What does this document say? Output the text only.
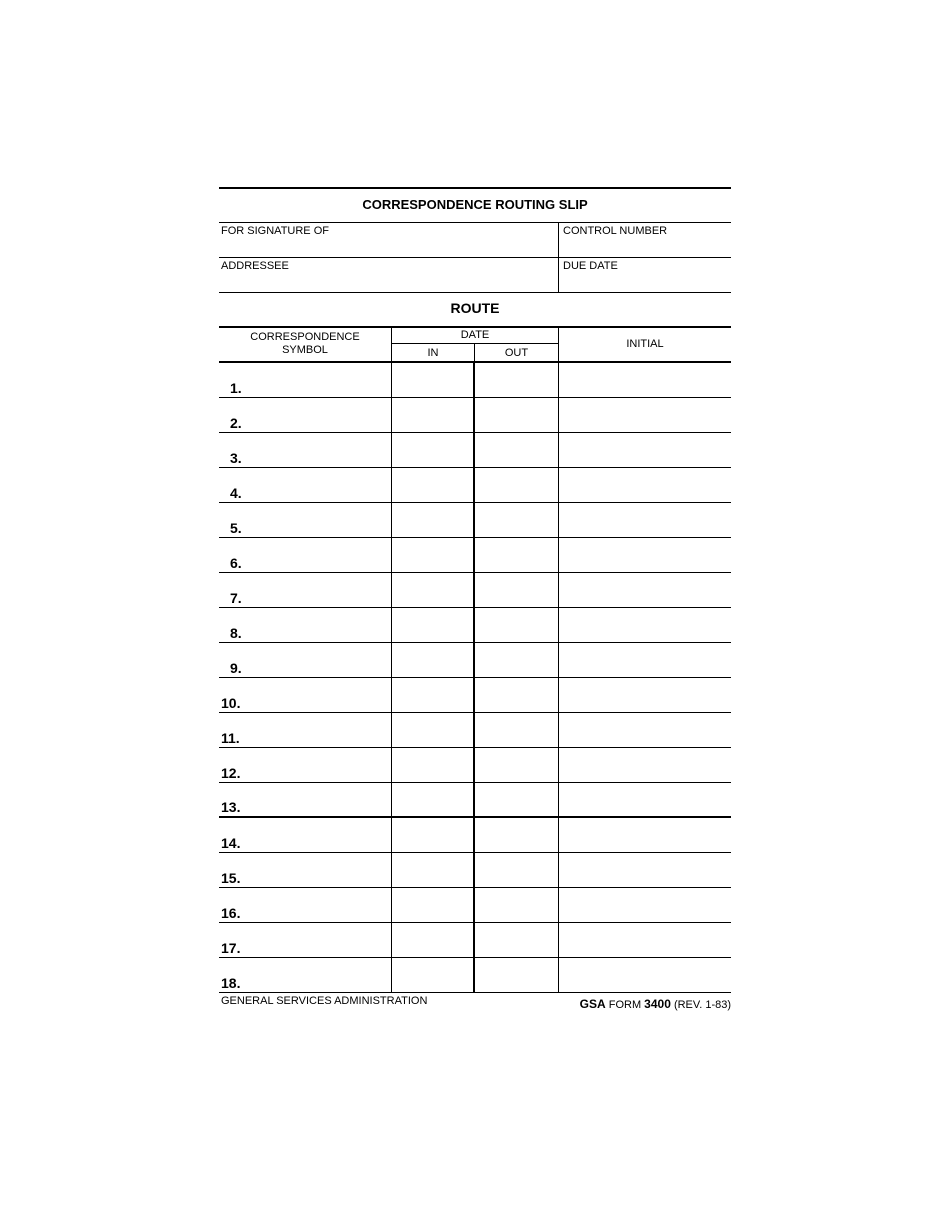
CORRESPONDENCE ROUTING SLIP
FOR SIGNATURE OF	CONTROL NUMBER
ADDRESSEE	DUE DATE
ROUTE
CORRESPONDENCE
SYMBOL
DATE
IN	OUT
INITIAL
1.
2.
3.
4.
5.
6.
7.
8.
9.
10.
11.
12.
13.
14.
15.
16.
17.
18.
GENERAL SERVICES ADMINISTRATION	GSA FORM 3400 (REV. 1-83)
